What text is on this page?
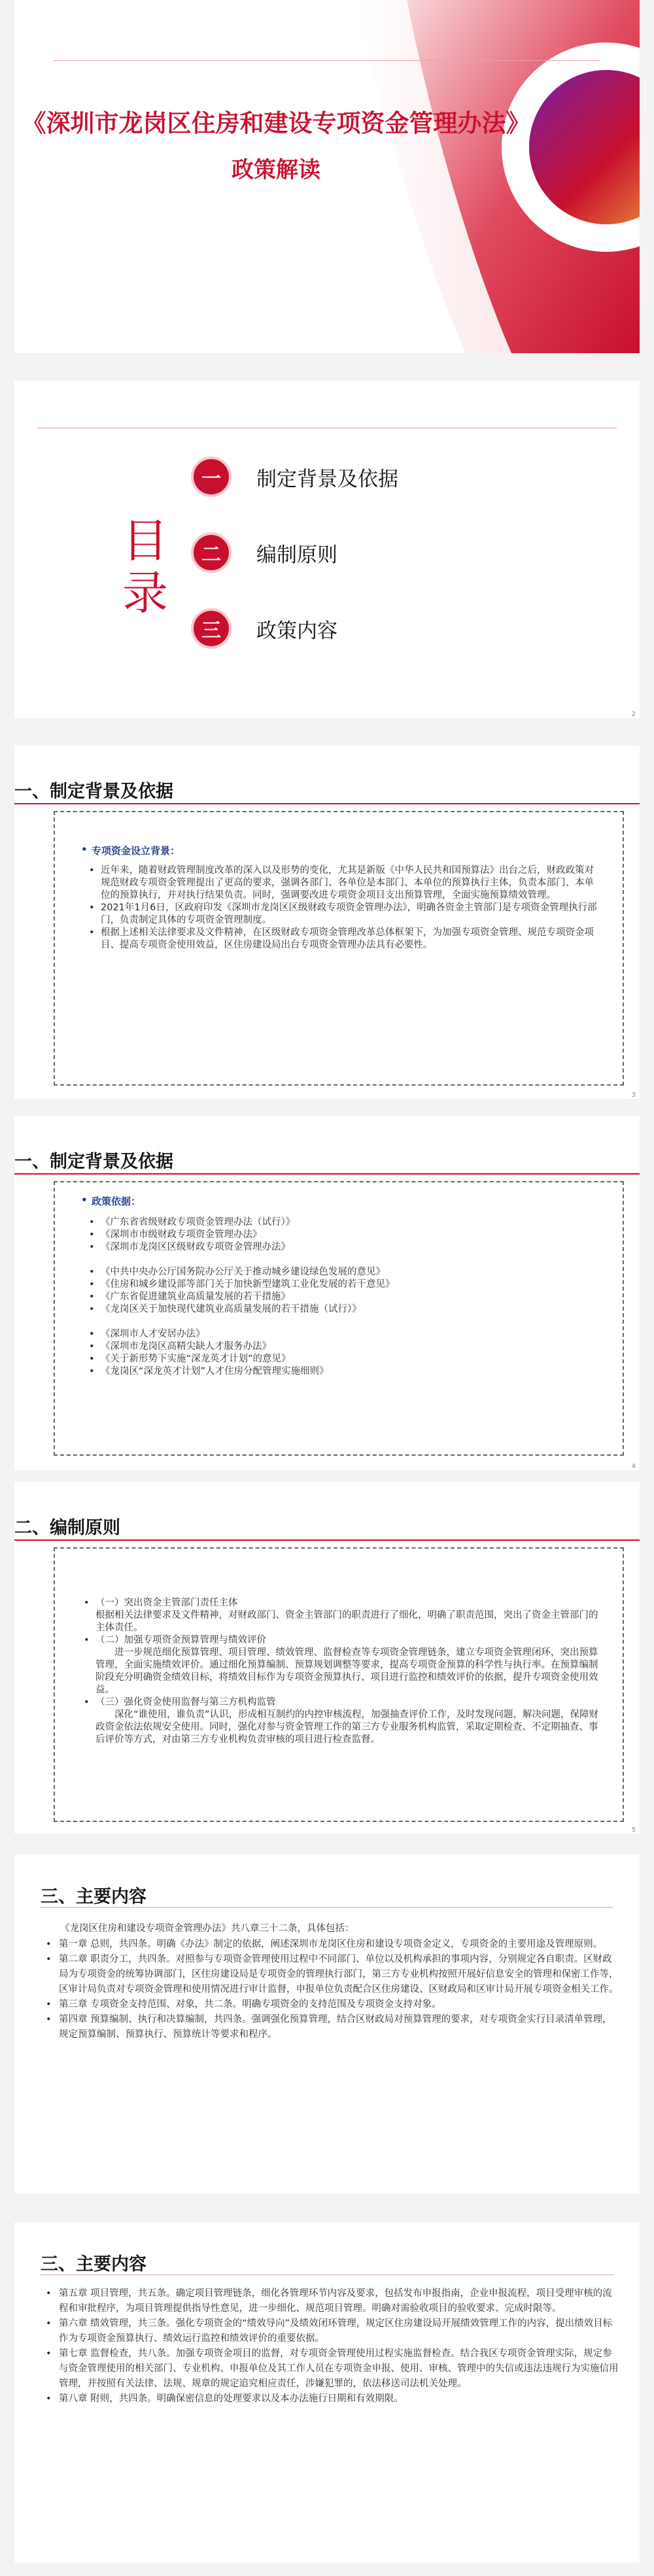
《深圳市龙岗区住房和建设专项资金管理办法》
政策解读
目录
一	制定背景及依据
二	编制原则
三	政策内容
2
一、制定背景及依据
• 专项资金设立背景：
• 近年来，随着财政管理制度改革的深入以及形势的变化，尤其是新版《中华人民共和国预算法》出台之后，财政政策对规范财政专项资金管理提出了更高的要求，强调各部门、各单位是本部门、本单位的预算执行主体，负责本部门、本单位的预算执行，并对执行结果负责。同时，强调要改进专项资金项目支出预算管理，全面实施预算绩效管理。
• 2021年1月6日，区政府印发《深圳市龙岗区区级财政专项资金管理办法》，明确各资金主管部门是专项资金管理执行部门，负责制定具体的专项资金管理制度。
• 根据上述相关法律要求及文件精神，在区级财政专项资金管理改革总体框架下，为加强专项资金管理、规范专项资金项目、提高专项资金使用效益，区住房建设局出台专项资金管理办法具有必要性。
3
一、制定背景及依据
• 政策依据：
• 《广东省省级财政专项资金管理办法（试行）》
• 《深圳市市级财政专项资金管理办法》
• 《深圳市龙岗区区级财政专项资金管理办法》
• 《中共中央办公厅国务院办公厅关于推动城乡建设绿色发展的意见》
• 《住房和城乡建设部等部门关于加快新型建筑工业化发展的若干意见》
• 《广东省促进建筑业高质量发展的若干措施》
• 《龙岗区关于加快现代建筑业高质量发展的若干措施（试行）》
• 《深圳市人才安居办法》
• 《深圳市龙岗区高精尖缺人才服务办法》
• 《关于新形势下实施“深龙英才计划”的意见》
• 《龙岗区“深龙英才计划”人才住房分配管理实施细则》
4
二、编制原则
• （一）突出资金主管部门责任主体
根据相关法律要求及文件精神，对财政部门、资金主管部门的职责进行了细化，明确了职责范围，突出了资金主管部门的主体责任。
• （二）加强专项资金预算管理与绩效评价
进一步规范细化预算管理、项目管理、绩效管理、监督检查等专项资金管理链条，建立专项资金管理闭环，突出预算管理，全面实施绩效评价。通过细化预算编制、预算规划调整等要求，提高专项资金预算的科学性与执行率。在预算编制阶段充分明确资金绩效目标，将绩效目标作为专项资金预算执行、项目进行监控和绩效评价的依据，提升专项资金使用效益。
• （三）强化资金使用监督与第三方机构监管
深化“谁使用，谁负责”认识，形成相互制约的内控审核流程，加强抽查评价工作，及时发现问题，解决问题，保障财政资金依法依规安全使用。同时，强化对参与资金管理工作的第三方专业服务机构监管，采取定期检查、不定期抽查、事后评价等方式，对由第三方专业机构负责审核的项目进行检查监督。
5
三、主要内容
《龙岗区住房和建设专项资金管理办法》共八章三十二条，具体包括：
• 第一章 总则，共四条。明确《办法》制定的依据，阐述深圳市龙岗区住房和建设专项资金定义，专项资金的主要用途及管理原则。
• 第二章 职责分工，共四条。对照参与专项资金管理使用过程中不同部门、单位以及机构承担的事项内容，分别规定各自职责。区财政局为专项资金的统筹协调部门，区住房建设局是专项资金的管理执行部门，第三方专业机构按照开展好信息安全的管理和保密工作等，区审计局负责对专项资金管理和使用情况进行审计监督，申报单位负责配合区住房建设、区财政局和区审计局开展专项资金相关工作。
• 第三章 专项资金支持范围、对象，共二条。明确专项资金的支持范围及专项资金支持对象。
• 第四章 预算编制、执行和决算编制，共四条。强调强化预算管理，结合区财政局对预算管理的要求，对专项资金实行目录清单管理，规定预算编制、预算执行、预算统计等要求和程序。
三、主要内容
• 第五章 项目管理，共五条。确定项目管理链条，细化各管理环节内容及要求，包括发布申报指南，企业申报流程，项目受理审核的流程和审批程序，为项目管理提供指导性意见，进一步细化、规范项目管理。明确对需验收项目的验收要求、完成时限等。
• 第六章 绩效管理，共三条。强化专项资金的“绩效导向”及绩效闭环管理，规定区住房建设局开展绩效管理工作的内容，提出绩效目标作为专项资金预算执行、绩效运行监控和绩效评价的重要依据。
• 第七章 监督检查，共八条。加强专项资金项目的监督，对专项资金管理使用过程实施监督检查。结合我区专项资金管理实际，规定参与资金管理使用的相关部门、专业机构、申报单位及其工作人员在专项资金申报、使用、审核、管理中的失信或违法违规行为实施信用管理，并按照有关法律、法规、规章的规定追究相应责任，涉嫌犯罪的，依法移送司法机关处理。
• 第八章 附则，共四条。明确保密信息的处理要求以及本办法施行日期和有效期限。
